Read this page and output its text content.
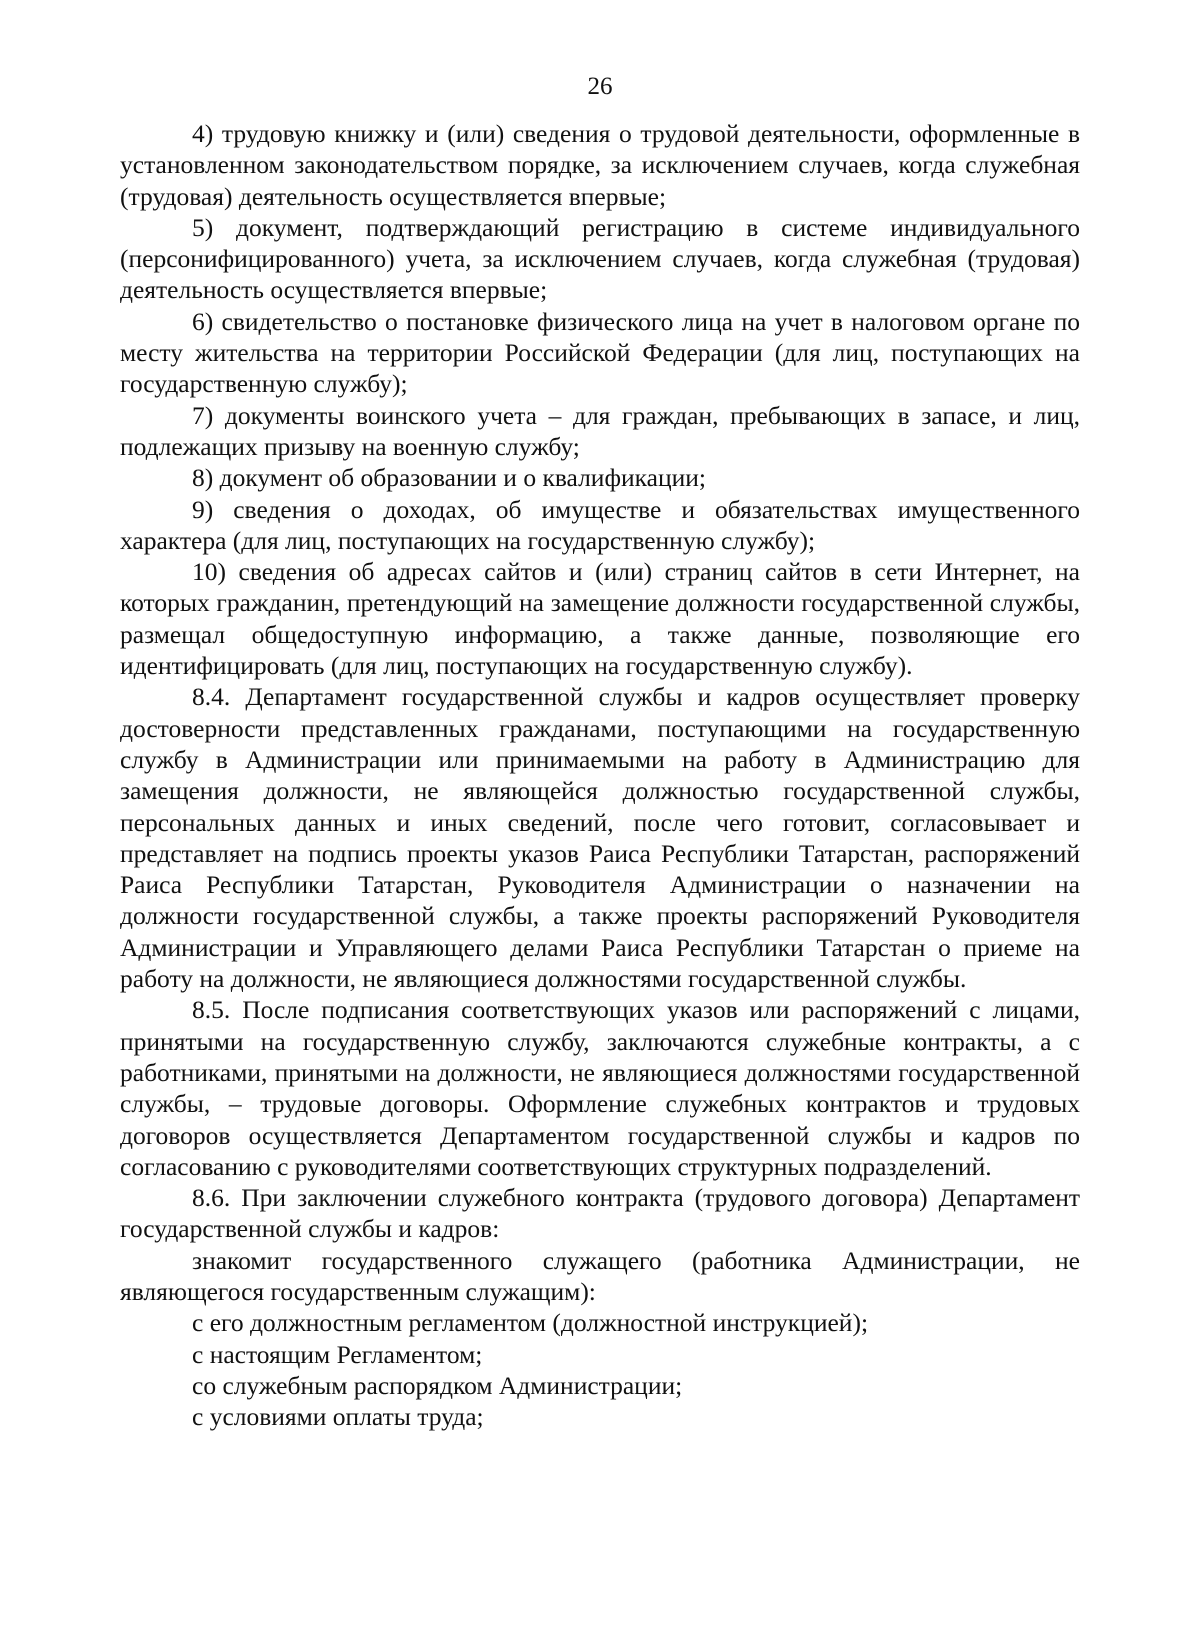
26

4) трудовую книжку и (или) сведения о трудовой деятельности, оформленные в установленном законодательством порядке, за исключением случаев, когда служебная (трудовая) деятельность осуществляется впервые;

5) документ, подтверждающий регистрацию в системе индивидуального (персонифицированного) учета, за исключением случаев, когда служебная (трудовая) деятельность осуществляется впервые;

6) свидетельство о постановке физического лица на учет в налоговом органе по месту жительства на территории Российской Федерации (для лиц, поступающих на государственную службу);

7) документы воинского учета – для граждан, пребывающих в запасе, и лиц, подлежащих призыву на военную службу;

8) документ об образовании и о квалификации;

9) сведения о доходах, об имуществе и обязательствах имущественного характера (для лиц, поступающих на государственную службу);

10) сведения об адресах сайтов и (или) страниц сайтов в сети Интернет, на которых гражданин, претендующий на замещение должности государственной службы, размещал общедоступную информацию, а также данные, позволяющие его идентифицировать (для лиц, поступающих на государственную службу).

8.4. Департамент государственной службы и кадров осуществляет проверку достоверности представленных гражданами, поступающими на государственную службу в Администрации или принимаемыми на работу в Администрацию для замещения должности, не являющейся должностью государственной службы, персональных данных и иных сведений, после чего готовит, согласовывает и представляет на подпись проекты указов Раиса Республики Татарстан, распоряжений Раиса Республики Татарстан, Руководителя Администрации о назначении на должности государственной службы, а также проекты распоряжений Руководителя Администрации и Управляющего делами Раиса Республики Татарстан о приеме на работу на должности, не являющиеся должностями государственной службы.

8.5. После подписания соответствующих указов или распоряжений с лицами, принятыми на государственную службу, заключаются служебные контракты, а с работниками, принятыми на должности, не являющиеся должностями государственной службы, – трудовые договоры. Оформление служебных контрактов и трудовых договоров осуществляется Департаментом государственной службы и кадров по согласованию с руководителями соответствующих структурных подразделений.

8.6. При заключении служебного контракта (трудового договора) Департамент государственной службы и кадров:

знакомит государственного служащего (работника Администрации, не являющегося государственным служащим):

с его должностным регламентом (должностной инструкцией);

с настоящим Регламентом;

со служебным распорядком Администрации;

с условиями оплаты труда;
